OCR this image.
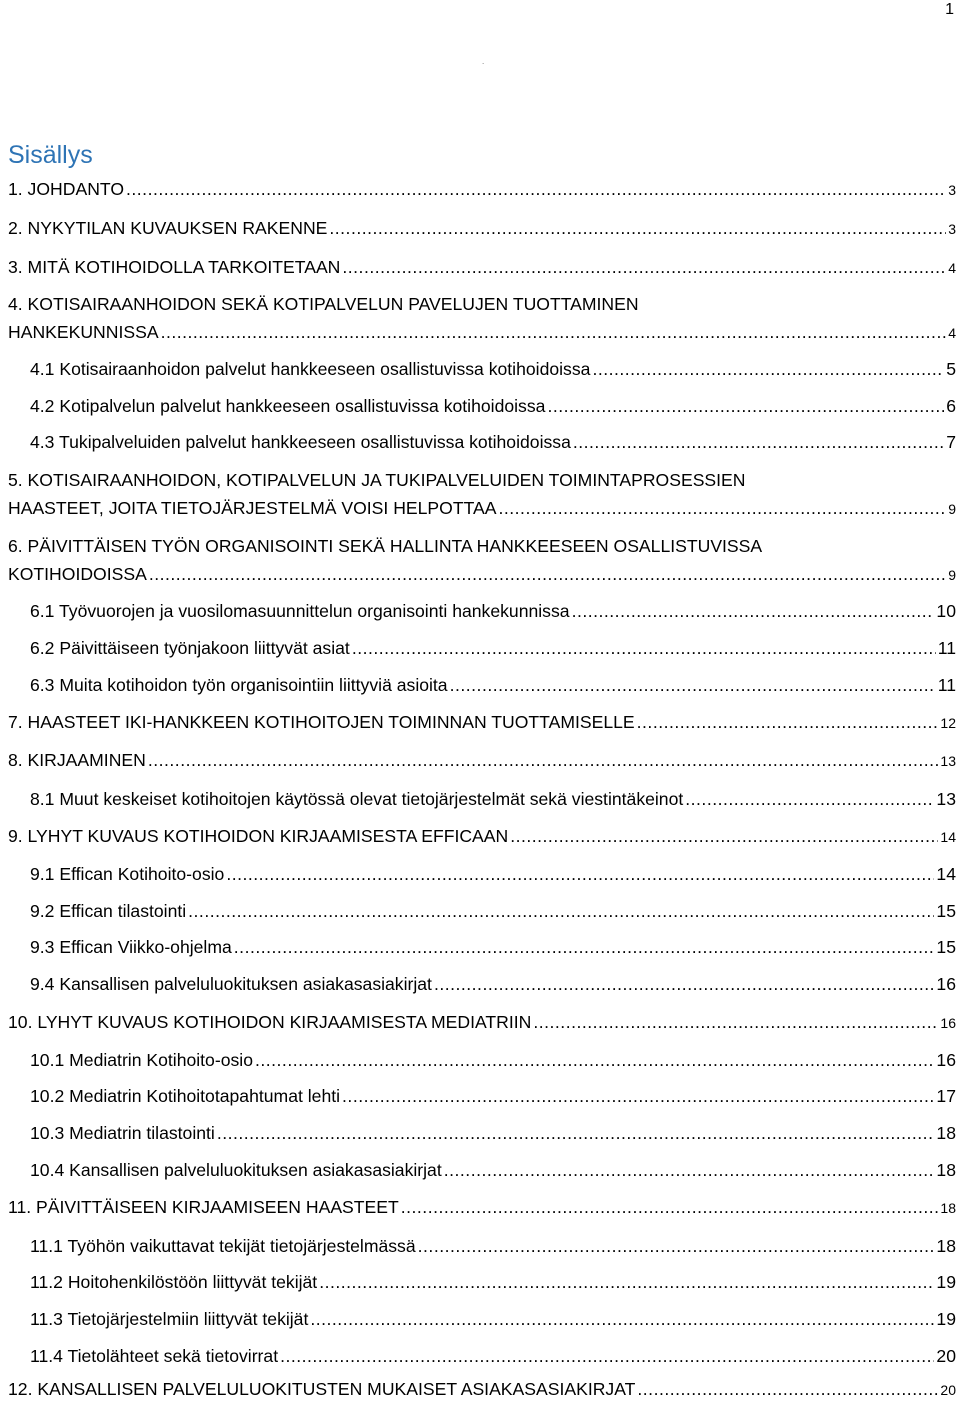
1
.
Sisällys
1. JOHDANTO .....	3
2. NYKYTILAN KUVAUKSEN RAKENNE .....	3
3. MITÄ KOTIHOIDOLLA TARKOITETAAN .....	4
4. KOTISAIRAANHOIDON SEKÄ KOTIPALVELUN PAVELUJEN TUOTTAMINEN
HANKEKUNNISSA .....	4
4.1 Kotisairaanhoidon palvelut hankkeeseen osallistuvissa kotihoidoissa .....	5
4.2 Kotipalvelun palvelut hankkeeseen osallistuvissa kotihoidoissa .....	6
4.3 Tukipalveluiden palvelut hankkeeseen osallistuvissa kotihoidoissa .....	7
5. KOTISAIRAANHOIDON, KOTIPALVELUN JA TUKIPALVELUIDEN TOIMINTAPROSESSIEN
HAASTEET, JOITA TIETOJÄRJESTELMÄ VOISI HELPOTTAA .....	9
6. PÄIVITTÄISEN TYÖN ORGANISOINTI SEKÄ HALLINTA HANKKEESEEN OSALLISTUVISSA
KOTIHOIDOISSA .....	9
6.1 Työvuorojen ja vuosilomasuunnittelun organisointi hankekunnissa .....	10
6.2 Päivittäiseen työnjakoon liittyvät asiat .....	11
6.3 Muita kotihoidon työn organisointiin liittyviä asioita .....	11
7. HAASTEET IKI-HANKKEEN KOTIHOITOJEN TOIMINNAN TUOTTAMISELLE .....	12
8. KIRJAAMINEN .....	13
8.1 Muut keskeiset kotihoitojen käytössä olevat tietojärjestelmät sekä viestintäkeinot .....	13
9. LYHYT KUVAUS KOTIHOIDON KIRJAAMISESTA EFFICAAN .....	14
9.1 Effican Kotihoito-osio .....	14
9.2 Effican tilastointi .....	15
9.3 Effican Viikko-ohjelma .....	15
9.4 Kansallisen palveluluokituksen asiakasasiakirjat .....	16
10. LYHYT KUVAUS KOTIHOIDON KIRJAAMISESTA MEDIATRIIN .....	16
10.1 Mediatrin Kotihoito-osio .....	16
10.2 Mediatrin Kotihoitotapahtumat lehti .....	17
10.3 Mediatrin tilastointi .....	18
10.4 Kansallisen palveluluokituksen asiakasasiakirjat .....	18
11. PÄIVITTÄISEEN KIRJAAMISEEN HAASTEET .....	18
11.1 Työhön vaikuttavat tekijät tietojärjestelmässä .....	18
11.2 Hoitohenkilöstöön liittyvät tekijät .....	19
11.3 Tietojärjestelmiin liittyvät tekijät .....	19
11.4 Tietolähteet sekä tietovirrat .....	20
12. KANSALLISEN PALVELULUOKITUSTEN MUKAISET ASIAKASASIAKIRJAT .....	20
